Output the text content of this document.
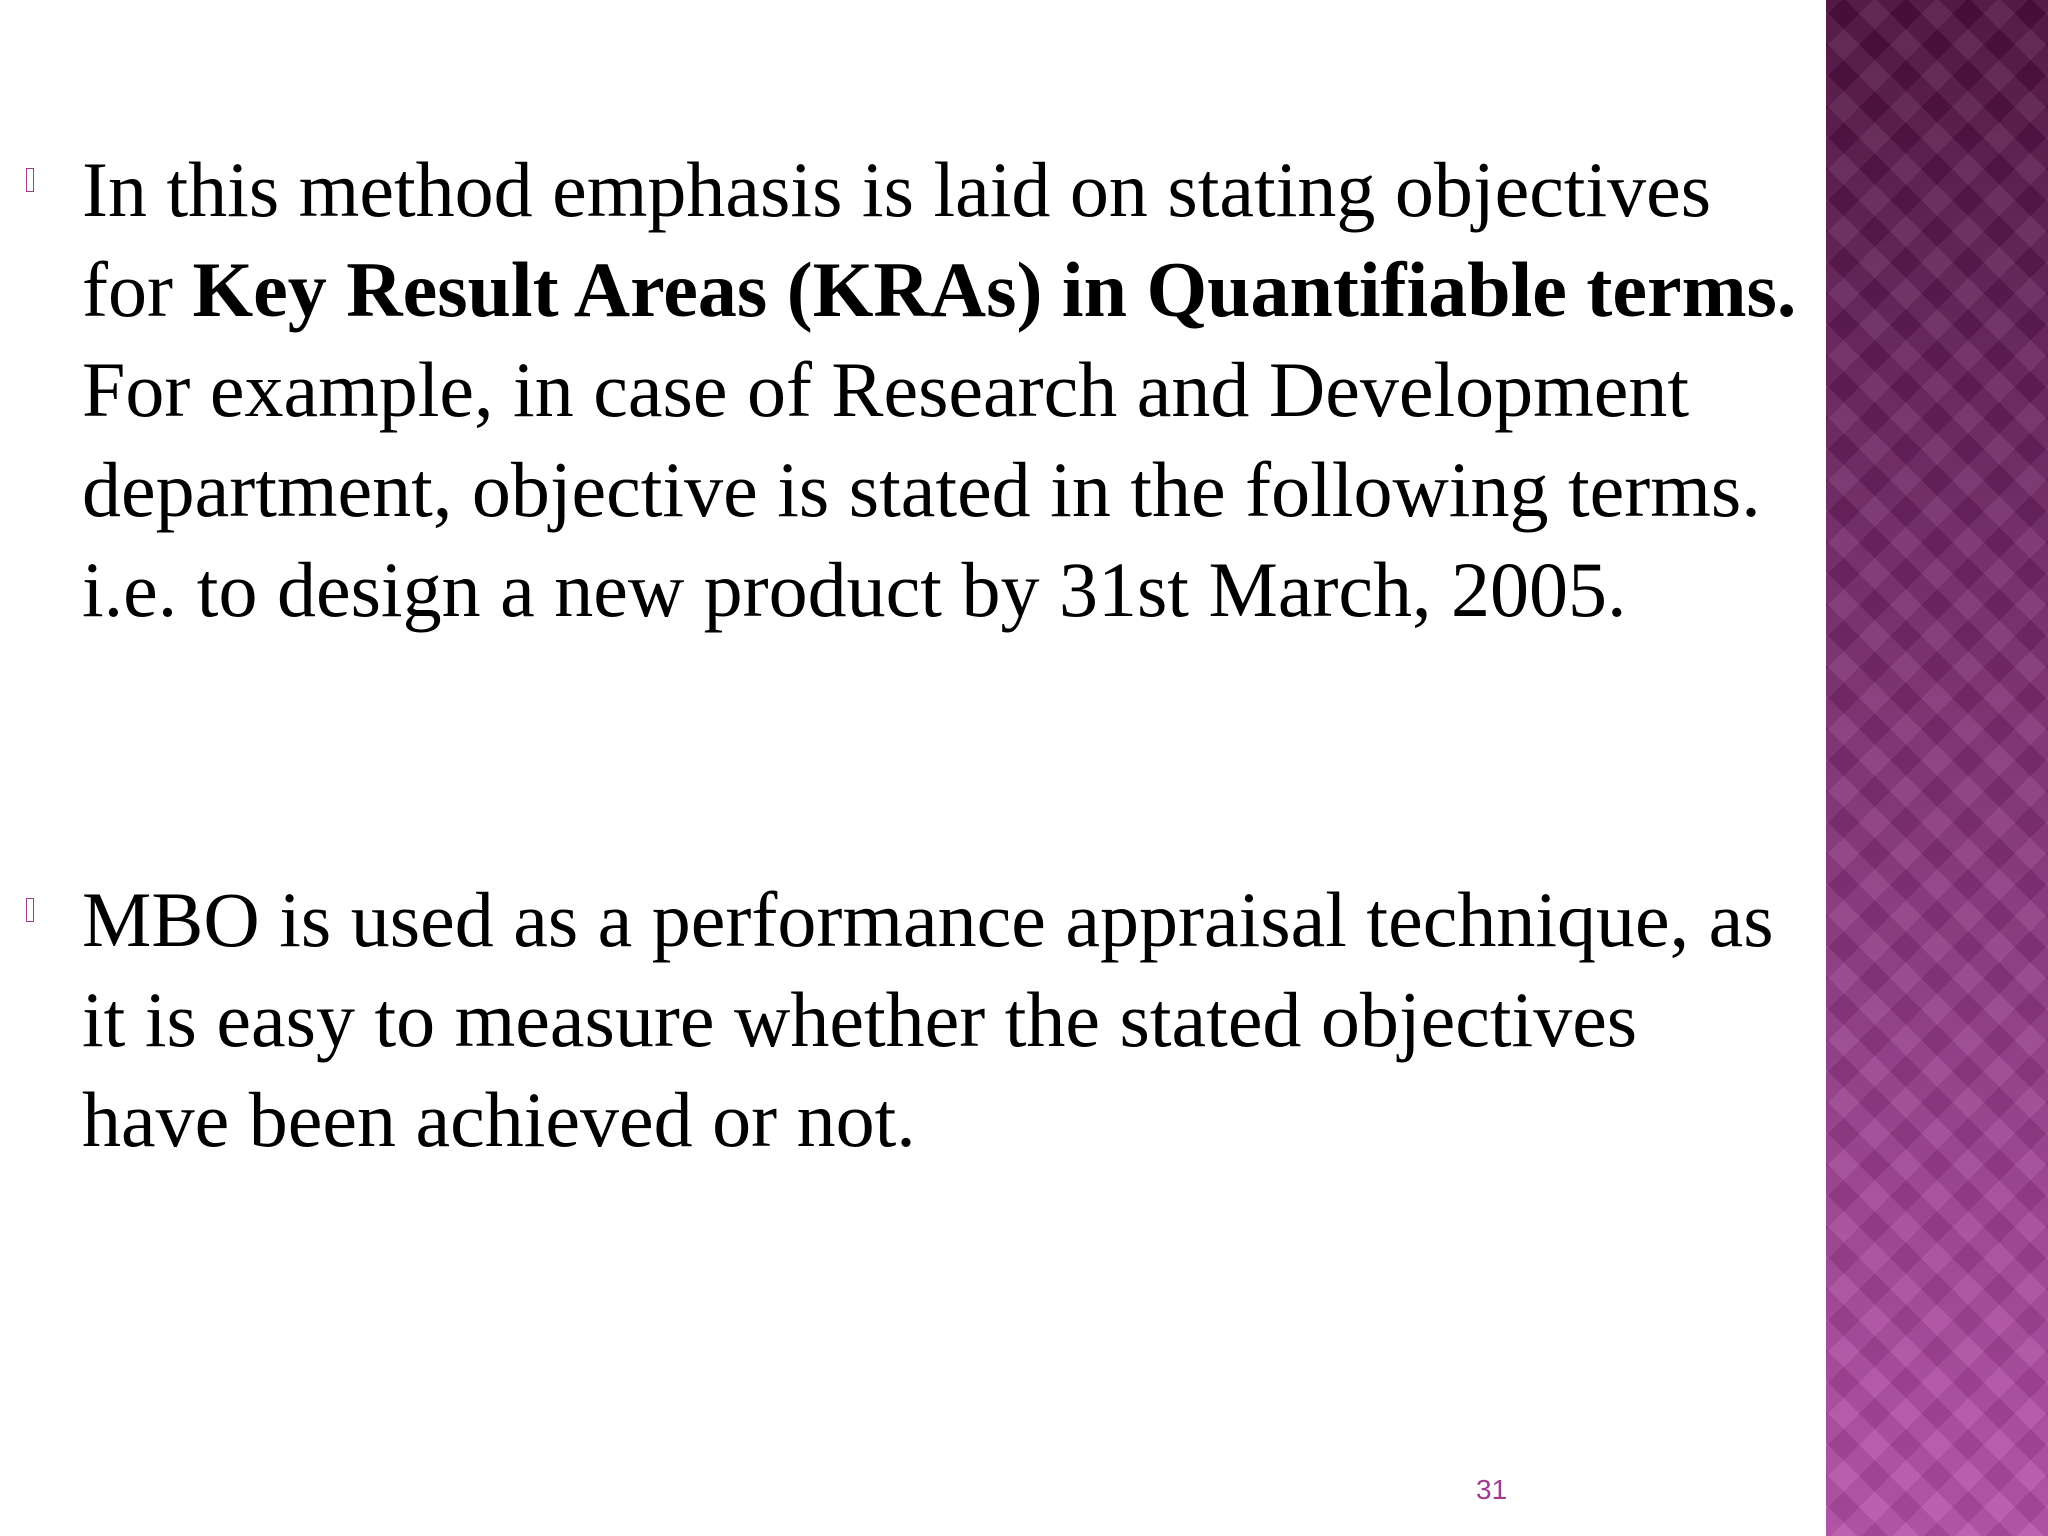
In this method emphasis is laid on stating objectives for Key Result Areas (KRAs) in Quantifiable terms. For example, in case of Research and Development department, objective is stated in the following terms. i.e. to design a new product by 31st March, 2005.

MBO is used as a performance appraisal technique, as it is easy to measure whether the stated objectives have been achieved or not.

31
